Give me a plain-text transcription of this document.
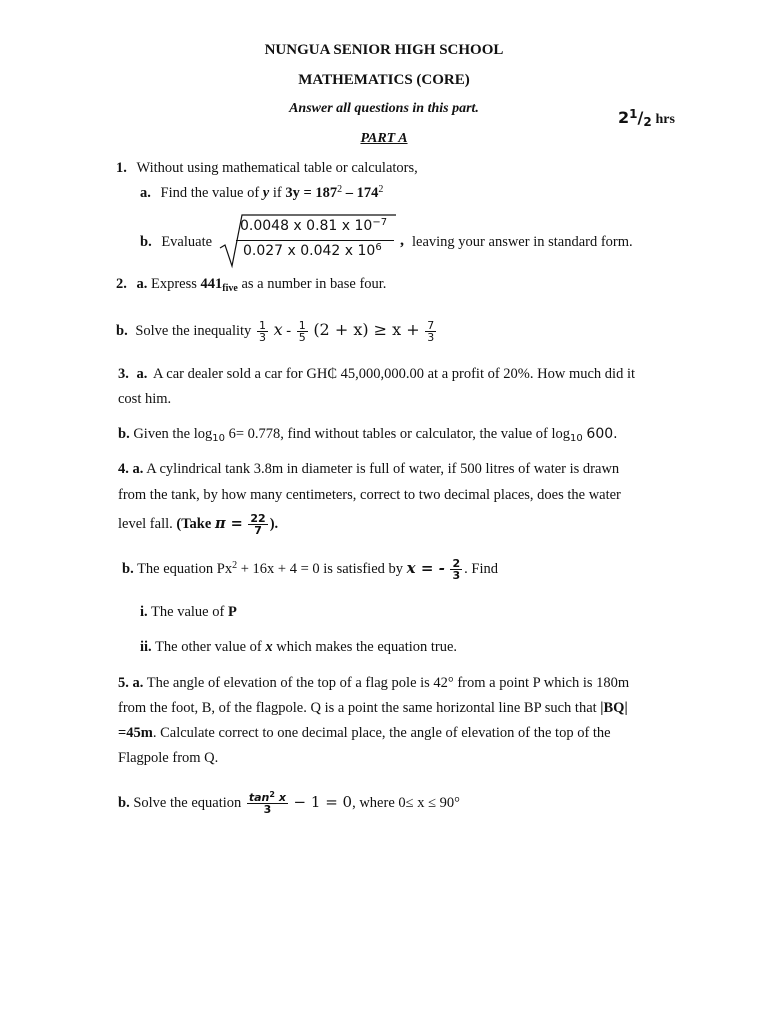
NUNGUA SENIOR HIGH SCHOOL
MATHEMATICS (CORE)
Answer all questions in this part.	$2^1/_2$ hrs
PART A
1. Without using mathematical table or calculators,
a. Find the value of y if $3y = 187^2 - 174^2$
b. Evaluate
0.0048 x 0.81 x $10^{-7}$
0.027 x 0.042 x $10^6$ , leaving your answer in standard form.
2. a. Express $441_{five}$ as a number in base four.
b. Solve the inequality $\frac{1}{3}$ $x - \frac{1}{5} (2 + x) \ge x + \frac{7}{3}$
3. a. A car dealer sold a car for GH₵ 45,000,000.00 at a profit of 20%. How much did it
cost him.
b. Given the $\log_{10} 6= 0.778$, find without tables or calculator, the value of $\log_{10} 600$.
4. a. A cylindrical tank 3.8m in diameter is full of water, if 500 litres of water is drawn
from the tank, by how many centimeters, correct to two decimal places, does the water
level fall. (Take $\pi = \frac{22}{7}$ ).
b. The equation $Px^2 + 16x + 4 = 0$ is satisfied by x = - $\frac{2}{3}$ . Find
i. The value of P
ii. The other value of x which makes the equation true.
5. a. The angle of elevation of the top of a flag pole is 42° from a point P which is 180m
from the foot, B, of the flagpole. Q is a point the same horizontal line BP such that |BQ|
=45m. Calculate correct to one decimal place, the angle of elevation of the top of the
Flagpole from Q.
b. Solve the equation $\frac{\tan^2 x}{3} - 1 = 0$, where 0≤ x ≤ 90°
